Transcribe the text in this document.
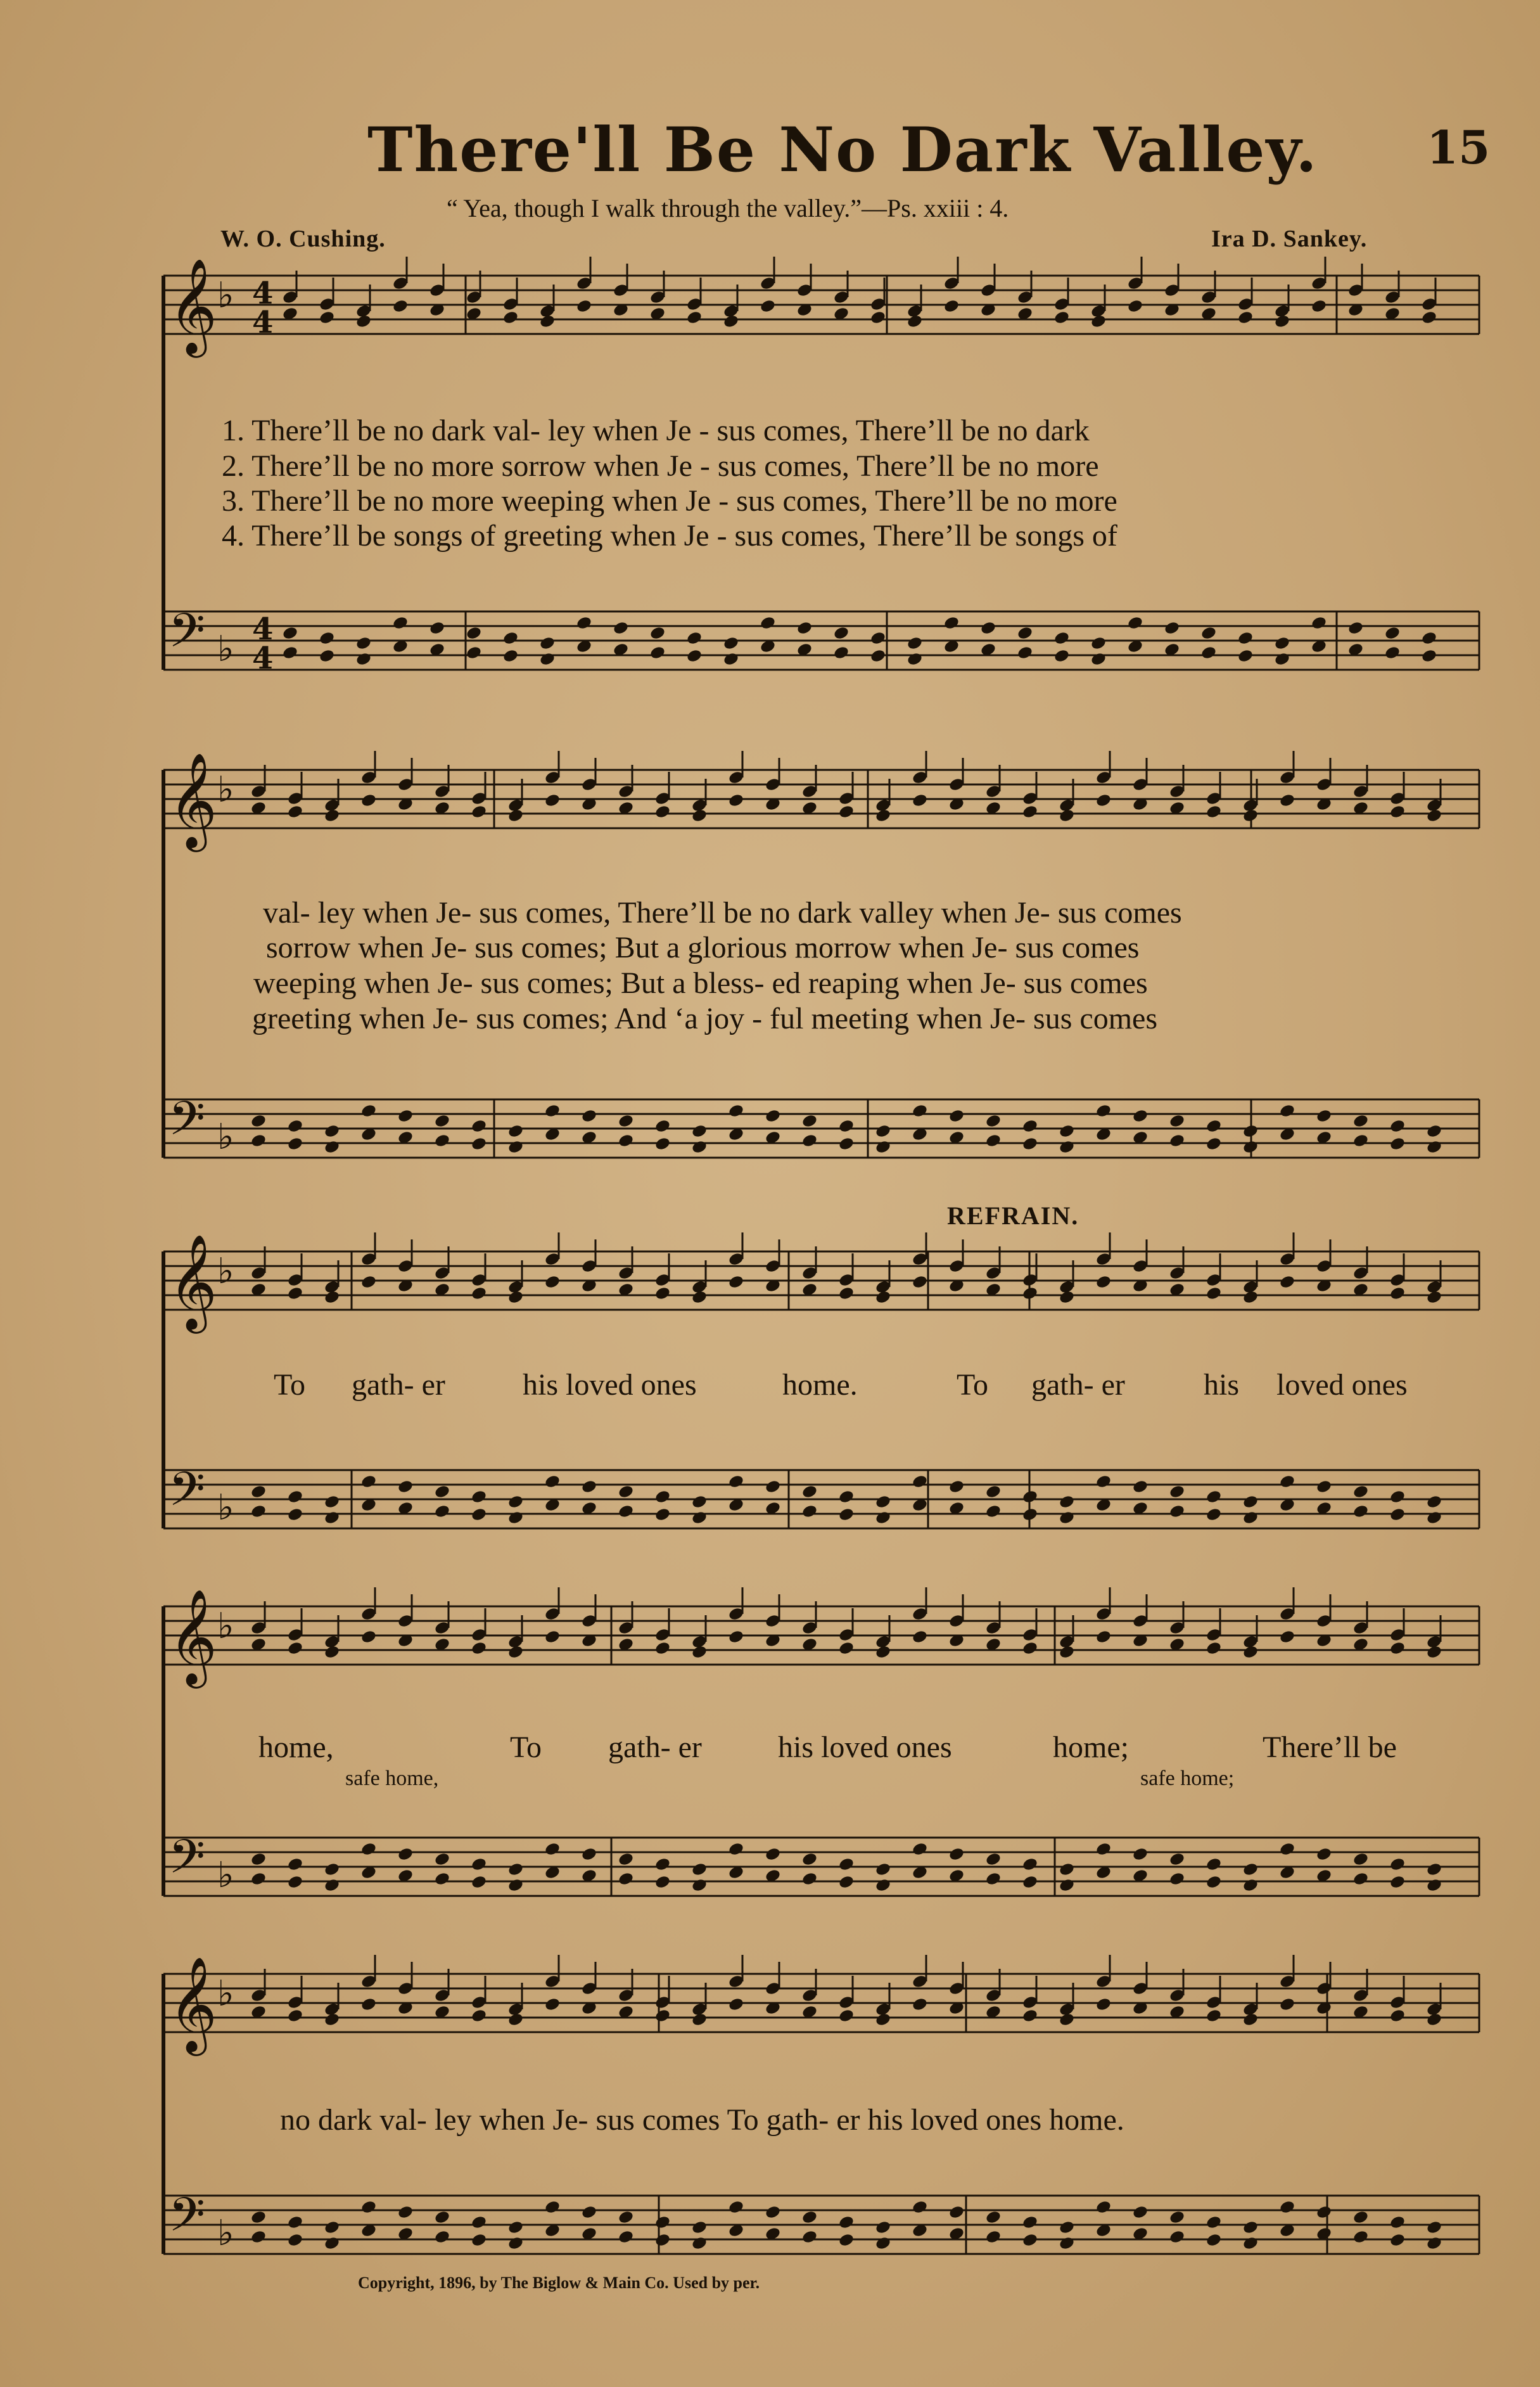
There'll Be No Dark Valley. 15
“ Yea, though I walk through the valley.”—Ps. xxiii : 4.
W. O. Cushing.	Ira D. Sankey.
𝄞 ♭ 4
4
𝄢 ♭ 4
4
𝄞 ♭
𝄢 ♭
𝄞 ♭
𝄢 ♭
𝄞 ♭
𝄢 ♭
𝄞 ♭
𝄢 ♭
1. There’ll be no dark val- ley when Je - sus comes, There’ll be no dark
2. There’ll be no more sorrow when Je - sus comes, There’ll be no more
3. There’ll be no more weeping when Je - sus comes, There’ll be no more
4. There’ll be songs of greeting when Je - sus comes, There’ll be songs of
val- ley when Je- sus comes, There’ll be no dark valley when Je- sus comes
sorrow when Je- sus comes; But a glorious morrow when Je- sus comes
weeping when Je- sus comes; But a bless- ed reaping when Je- sus comes
greeting when Je- sus comes; And ‘a joy - ful meeting when Je- sus comes
REFRAIN.
To gath- er	his loved ones	home.	To gath- er	his loved ones
home,	To gath- er	his loved ones	home;	There’ll be
safe home,	safe home;
no dark val- ley when Je- sus comes To gath- er his loved ones home.
Copyright, 1896, by The Biglow & Main Co. Used by per.
